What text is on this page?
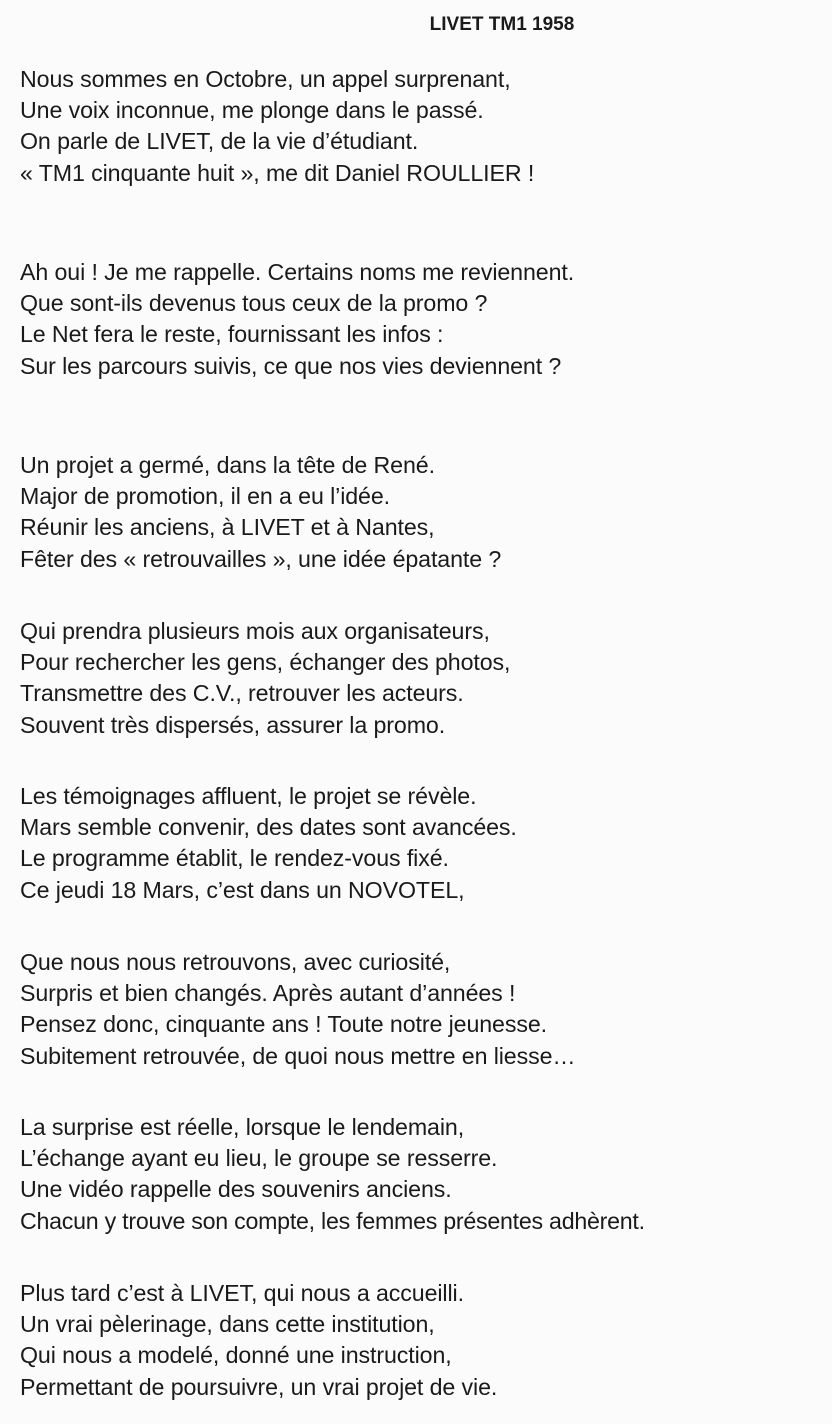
LIVET TM1 1958
Nous sommes en Octobre, un appel surprenant,
Une voix inconnue, me plonge dans le passé.
On parle de LIVET, de la vie d’étudiant.
« TM1 cinquante huit », me dit Daniel ROULLIER !
Ah oui ! Je me rappelle. Certains noms me reviennent.
Que sont-ils devenus tous ceux de la promo ?
Le Net fera le reste, fournissant les infos :
Sur les parcours suivis, ce que nos vies deviennent ?
Un projet a germé, dans la tête de René.
Major de promotion, il en a eu l’idée.
Réunir les anciens, à LIVET et à Nantes,
Fêter des « retrouvailles », une idée épatante ?
Qui prendra plusieurs mois aux organisateurs,
Pour rechercher les gens, échanger des photos,
Transmettre des C.V., retrouver les acteurs.
Souvent très dispersés, assurer la promo.
Les témoignages affluent, le projet se révèle.
Mars semble convenir, des dates sont avancées.
Le programme établit, le rendez-vous fixé.
Ce jeudi 18 Mars, c’est dans un NOVOTEL,
Que nous nous retrouvons, avec curiosité,
Surpris et bien changés. Après autant d’années !
Pensez donc, cinquante ans ! Toute notre jeunesse.
Subitement retrouvée, de quoi nous mettre en liesse…
La surprise est réelle, lorsque le lendemain,
L’échange ayant eu lieu, le groupe se resserre.
Une vidéo rappelle des souvenirs anciens.
Chacun y trouve son compte, les femmes présentes adhèrent.
Plus tard c’est à LIVET, qui nous a accueilli.
Un vrai pèlerinage, dans cette institution,
Qui nous a modelé, donné une instruction,
Permettant de poursuivre, un vrai projet de vie.
